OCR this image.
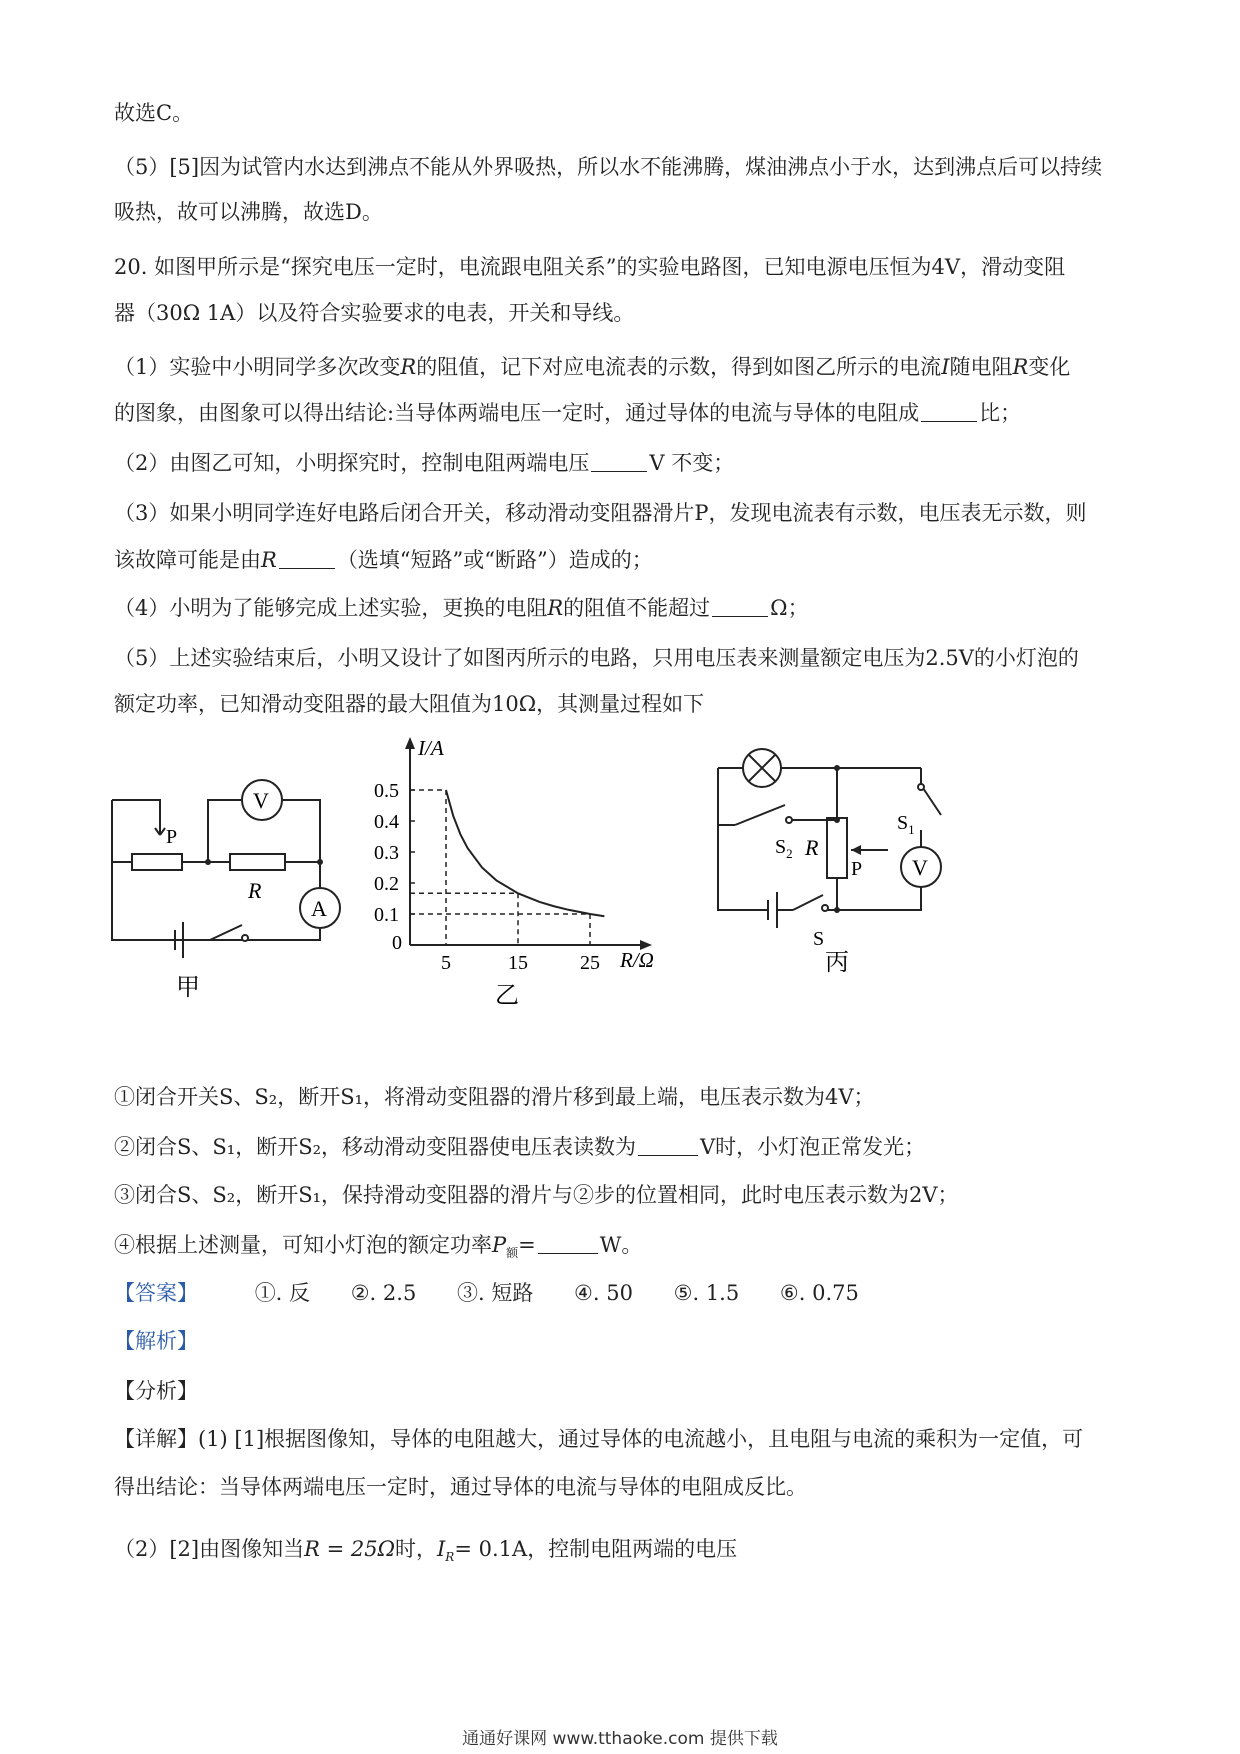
故选C。
（5）[5]因为试管内水达到沸点不能从外界吸热，所以水不能沸腾，煤油沸点小于水，达到沸点后可以持续
吸热，故可以沸腾，故选D。
20. 如图甲所示是“探究电压一定时，电流跟电阻关系”的实验电路图，已知电源电压恒为4V，滑动变阻
器（30Ω 1A）以及符合实验要求的电表，开关和导线。
（1）实验中小明同学多次改变R的阻值，记下对应电流表的示数，得到如图乙所示的电流I随电阻R变化
的图象，由图象可以得出结论:当导体两端电压一定时，通过导体的电流与导体的电阻成	比；
（2）由图乙可知，小明探究时，控制电阻两端电压	V 不变；
（3）如果小明同学连好电路后闭合开关，移动滑动变阻器滑片P，发现电流表有示数，电压表无示数，则
该故障可能是由R	（选填“短路”或“断路”）造成的；
（4）小明为了能够完成上述实验，更换的电阻R的阻值不能超过	Ω；
（5）上述实验结束后，小明又设计了如图丙所示的电路，只用电压表来测量额定电压为2.5V的小灯泡的
额定功率，已知滑动变阻器的最大阻值为10Ω，其测量过程如下
P
R
V
A
甲
0.1
0.2
0.3
0.4
0.5
5	15	25
I/A
R/Ω
0
乙
$S_1$
$S_2$ R
P V
S
丙
①闭合开关S、S₂，断开S₁，将滑动变阻器的滑片移到最上端，电压表示数为4V；
②闭合S、S₁，断开S₂，移动滑动变阻器使电压表读数为	V时，小灯泡正常发光；
③闭合S、S₂，断开S₁，保持滑动变阻器的滑片与②步的位置相同，此时电压表示数为2V；
④根据上述测量，可知小灯泡的额定功率$P_额=$	W。
【答案】	①. 反 ②. 2.5 ③. 短路 ④. 50 ⑤. 1.5 ⑥. 0.75
【解析】
【分析】
【详解】(1) [1]根据图像知，导体的电阻越大，通过导体的电流越小，且电阻与电流的乘积为一定值，可
得出结论：当导体两端电压一定时，通过导体的电流与导体的电阻成反比。
（2）[2]由图像知当R = 25Ω时，$I_R= 0.1A$，控制电阻两端的电压
通通好课网 www.tthaoke.com 提供下载
